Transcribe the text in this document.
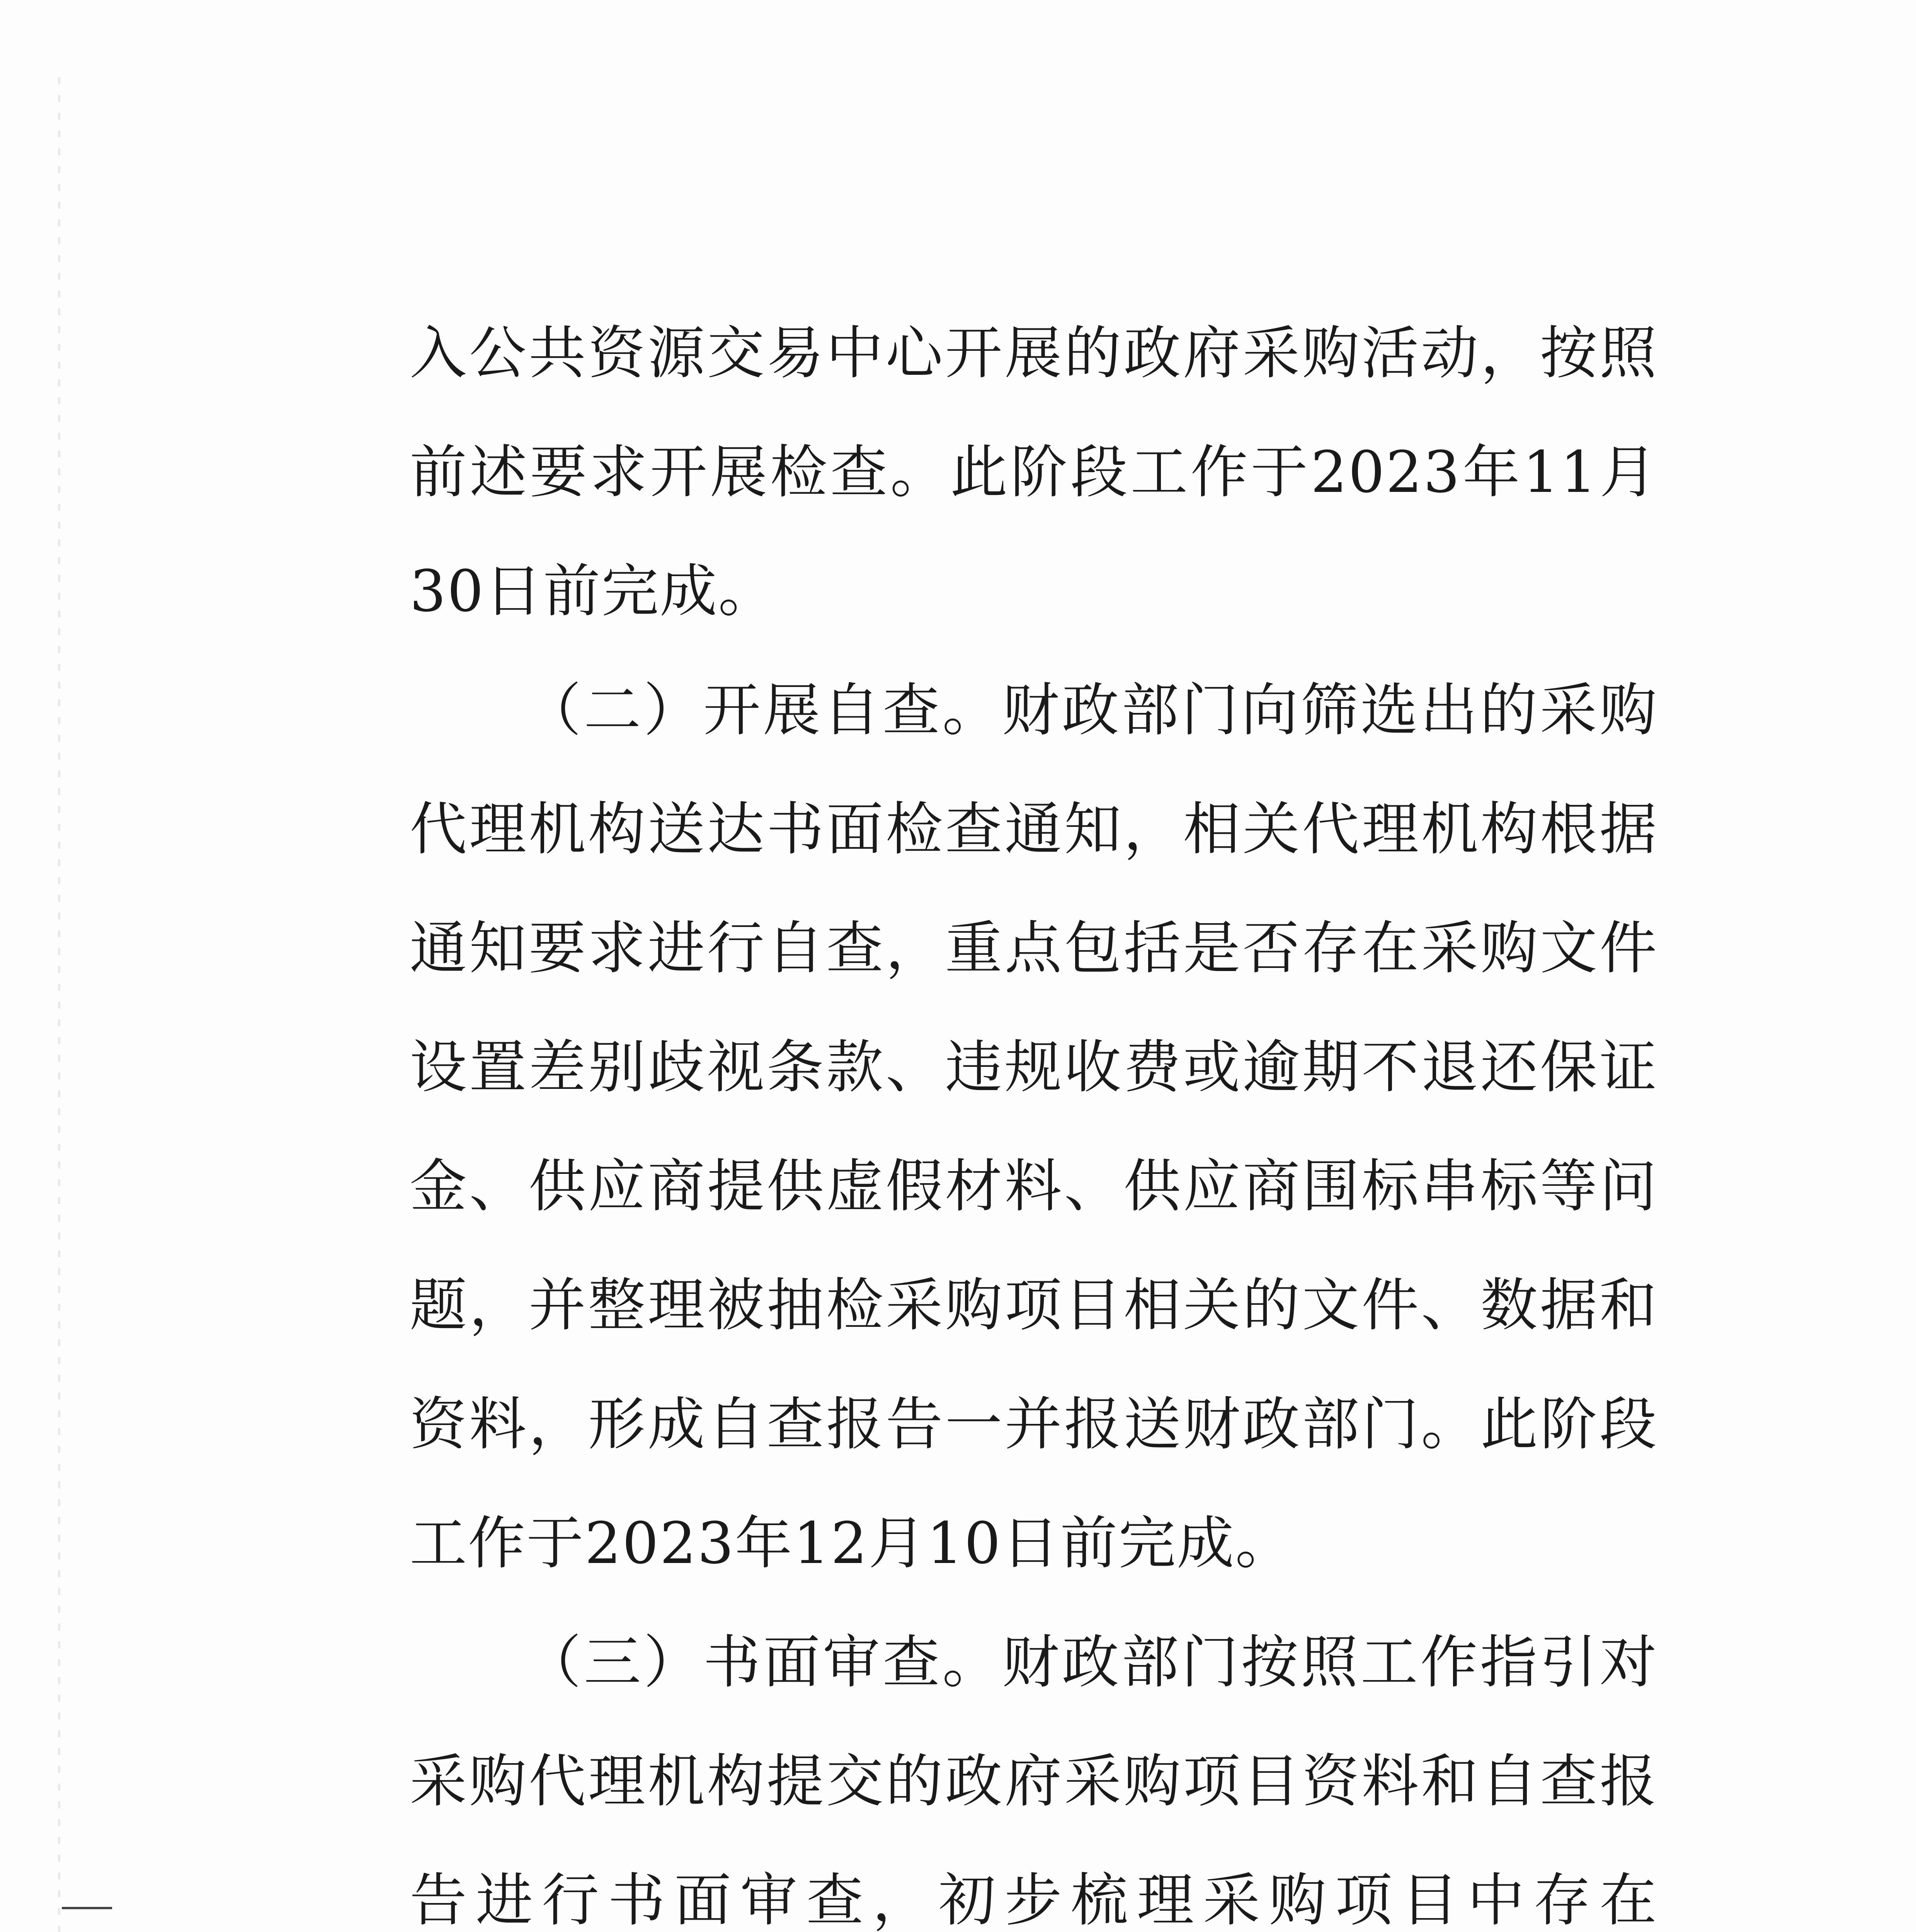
入公共资源交易中心开展的政府采购活动，按照前述要求开展检查。此阶段工作于2023年11月30日前完成。

（二）开展自查。财政部门向筛选出的采购代理机构送达书面检查通知，相关代理机构根据通知要求进行自查，重点包括是否存在采购文件设置差别歧视条款、违规收费或逾期不退还保证金、供应商提供虚假材料、供应商围标串标等问题，并整理被抽检采购项目相关的文件、数据和资料，形成自查报告一并报送财政部门。此阶段工作于2023年12月10日前完成。

（三）书面审查。财政部门按照工作指引对采购代理机构提交的政府采购项目资料和自查报告进行书面审查，初步梳理采购项目中存在
